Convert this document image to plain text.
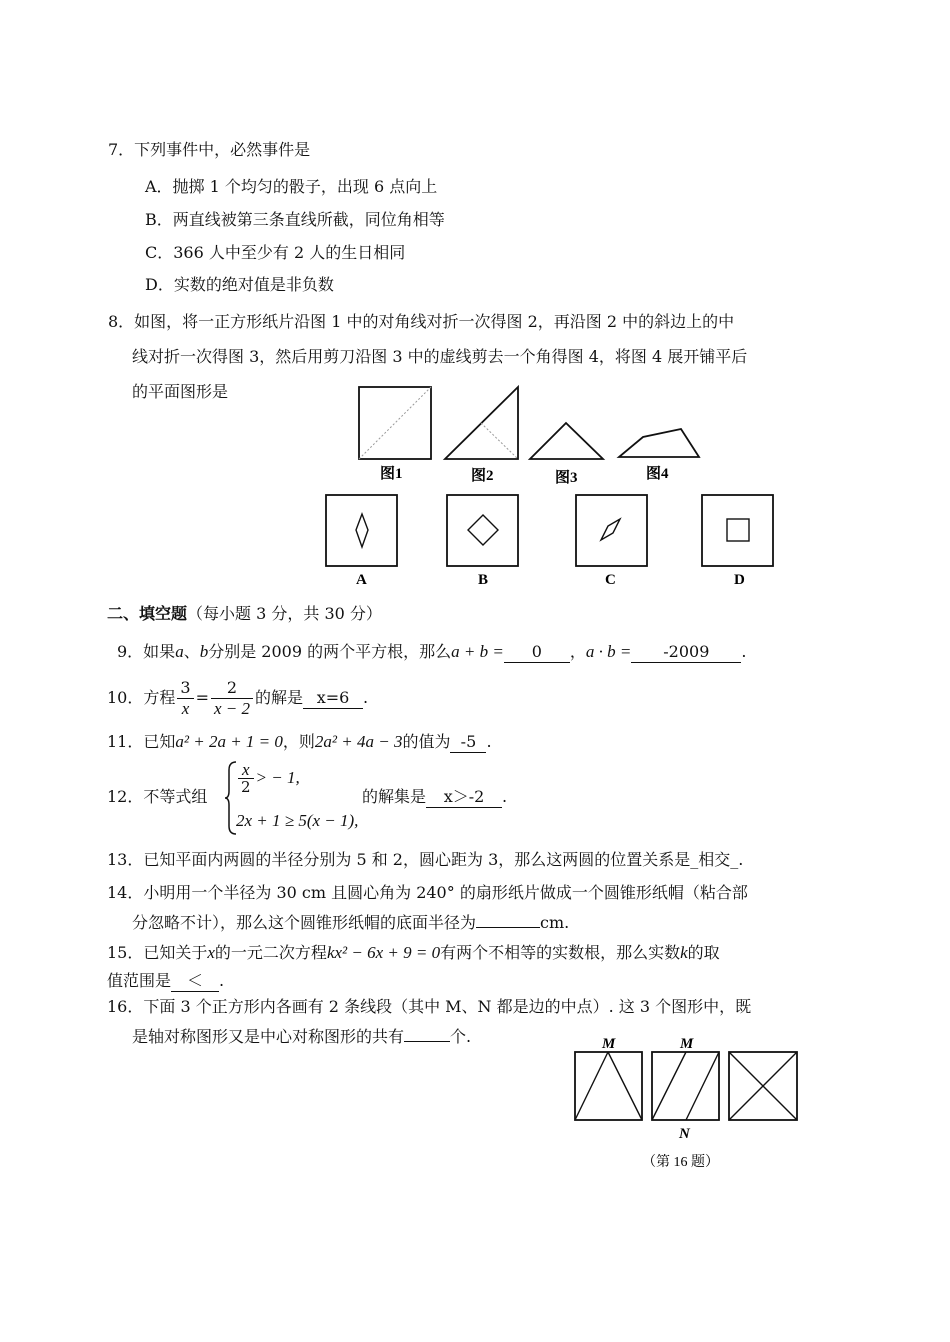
7．下列事件中，必然事件是
A．抛掷 1 个均匀的骰子，出现 6 点向上
B．两直线被第三条直线所截，同位角相等
C．366 人中至少有 2 人的生日相同
D．实数的绝对值是非负数
8．如图，将一正方形纸片沿图 1 中的对角线对折一次得图 2，再沿图 2 中的斜边上的中
线对折一次得图 3，然后用剪刀沿图 3 中的虚线剪去一个角得图 4，将图 4 展开铺平后
的平面图形是
图1	图2	图3	图4
A	B	C	D
二、填空题（每小题 3 分，共 30 分）
9．如果a、b分别是 2009 的两个平方根，那么a + b = 0 ，a · b = -2009 .
10．方程 $\frac{3}{x} = \frac{2}{x - 2}$ 的解是 x=6 .
11．已知a² + 2a + 1 = 0，则2a² + 4a − 3的值为 -5 .
12．不等式组
$\frac{x}{2}$ > − 1,
2x + 1 ≥ 5(x − 1),
的解集是 x＞-2 .
13．已知平面内两圆的半径分别为 5 和 2，圆心距为 3，那么这两圆的位置关系是_相交_.
14．小明用一个半径为 30 cm 且圆心角为 240° 的扇形纸片做成一个圆锥形纸帽（粘合部
分忽略不计），那么这个圆锥形纸帽的底面半径为	cm.
15．已知关于x的一元二次方程kx² − 6x + 9 = 0有两个不相等的实数根，那么实数k的取
值范围是 ＜ .
16．下面 3 个正方形内各画有 2 条线段（其中 M、N 都是边的中点）. 这 3 个图形中，既
是轴对称图形又是中心对称图形的共有	个.	M	M
N
（第 16 题）
